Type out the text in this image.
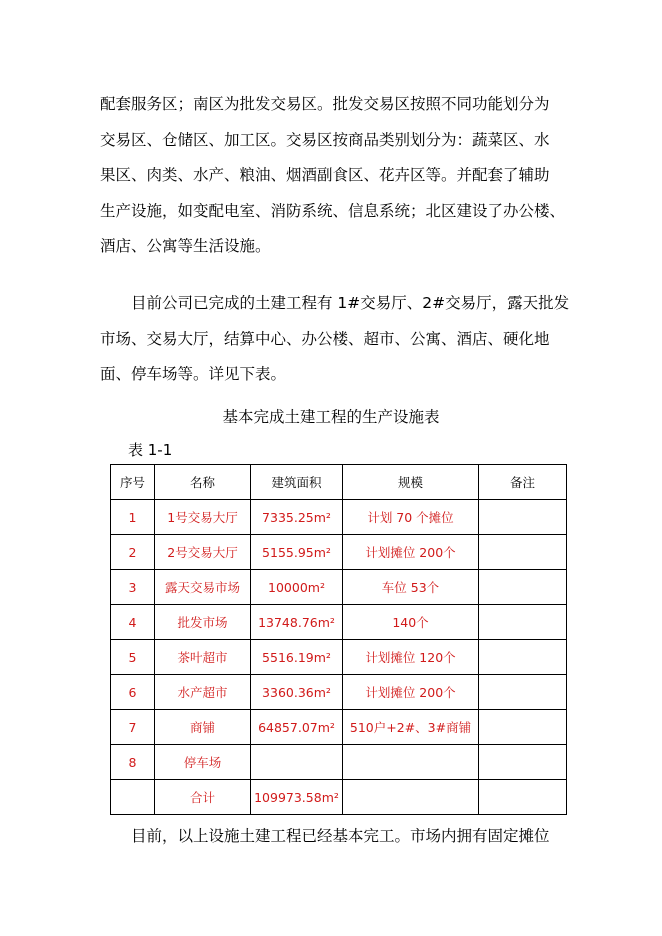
配套服务区；南区为批发交易区。批发交易区按照不同功能划分为
交易区、仓储区、加工区。交易区按商品类别划分为：蔬菜区、水
果区、肉类、水产、粮油、烟酒副食区、花卉区等。并配套了辅助
生产设施，如变配电室、消防系统、信息系统；北区建设了办公楼、
酒店、公寓等生活设施。
目前公司已完成的土建工程有 1#交易厅、2#交易厅，露天批发
市场、交易大厅，结算中心、办公楼、超市、公寓、酒店、硬化地
面、停车场等。详见下表。
基本完成土建工程的生产设施表
表 1-1
序号	名称	建筑面积	规模	备注
1	1号交易大厅	7335.25m²	计划 70 个摊位	
2	2号交易大厅	5155.95m²	计划摊位 200个	
3	露天交易市场	10000m²	车位 53个	
4	批发市场	13748.76m²	140个	
5	茶叶超市	5516.19m²	计划摊位 120个	
6	水产超市	3360.36m²	计划摊位 200个	
7	商铺	64857.07m²	510户+2#、3#商铺	
8	停车场			
	合计	109973.58m²		
目前，以上设施土建工程已经基本完工。市场内拥有固定摊位
